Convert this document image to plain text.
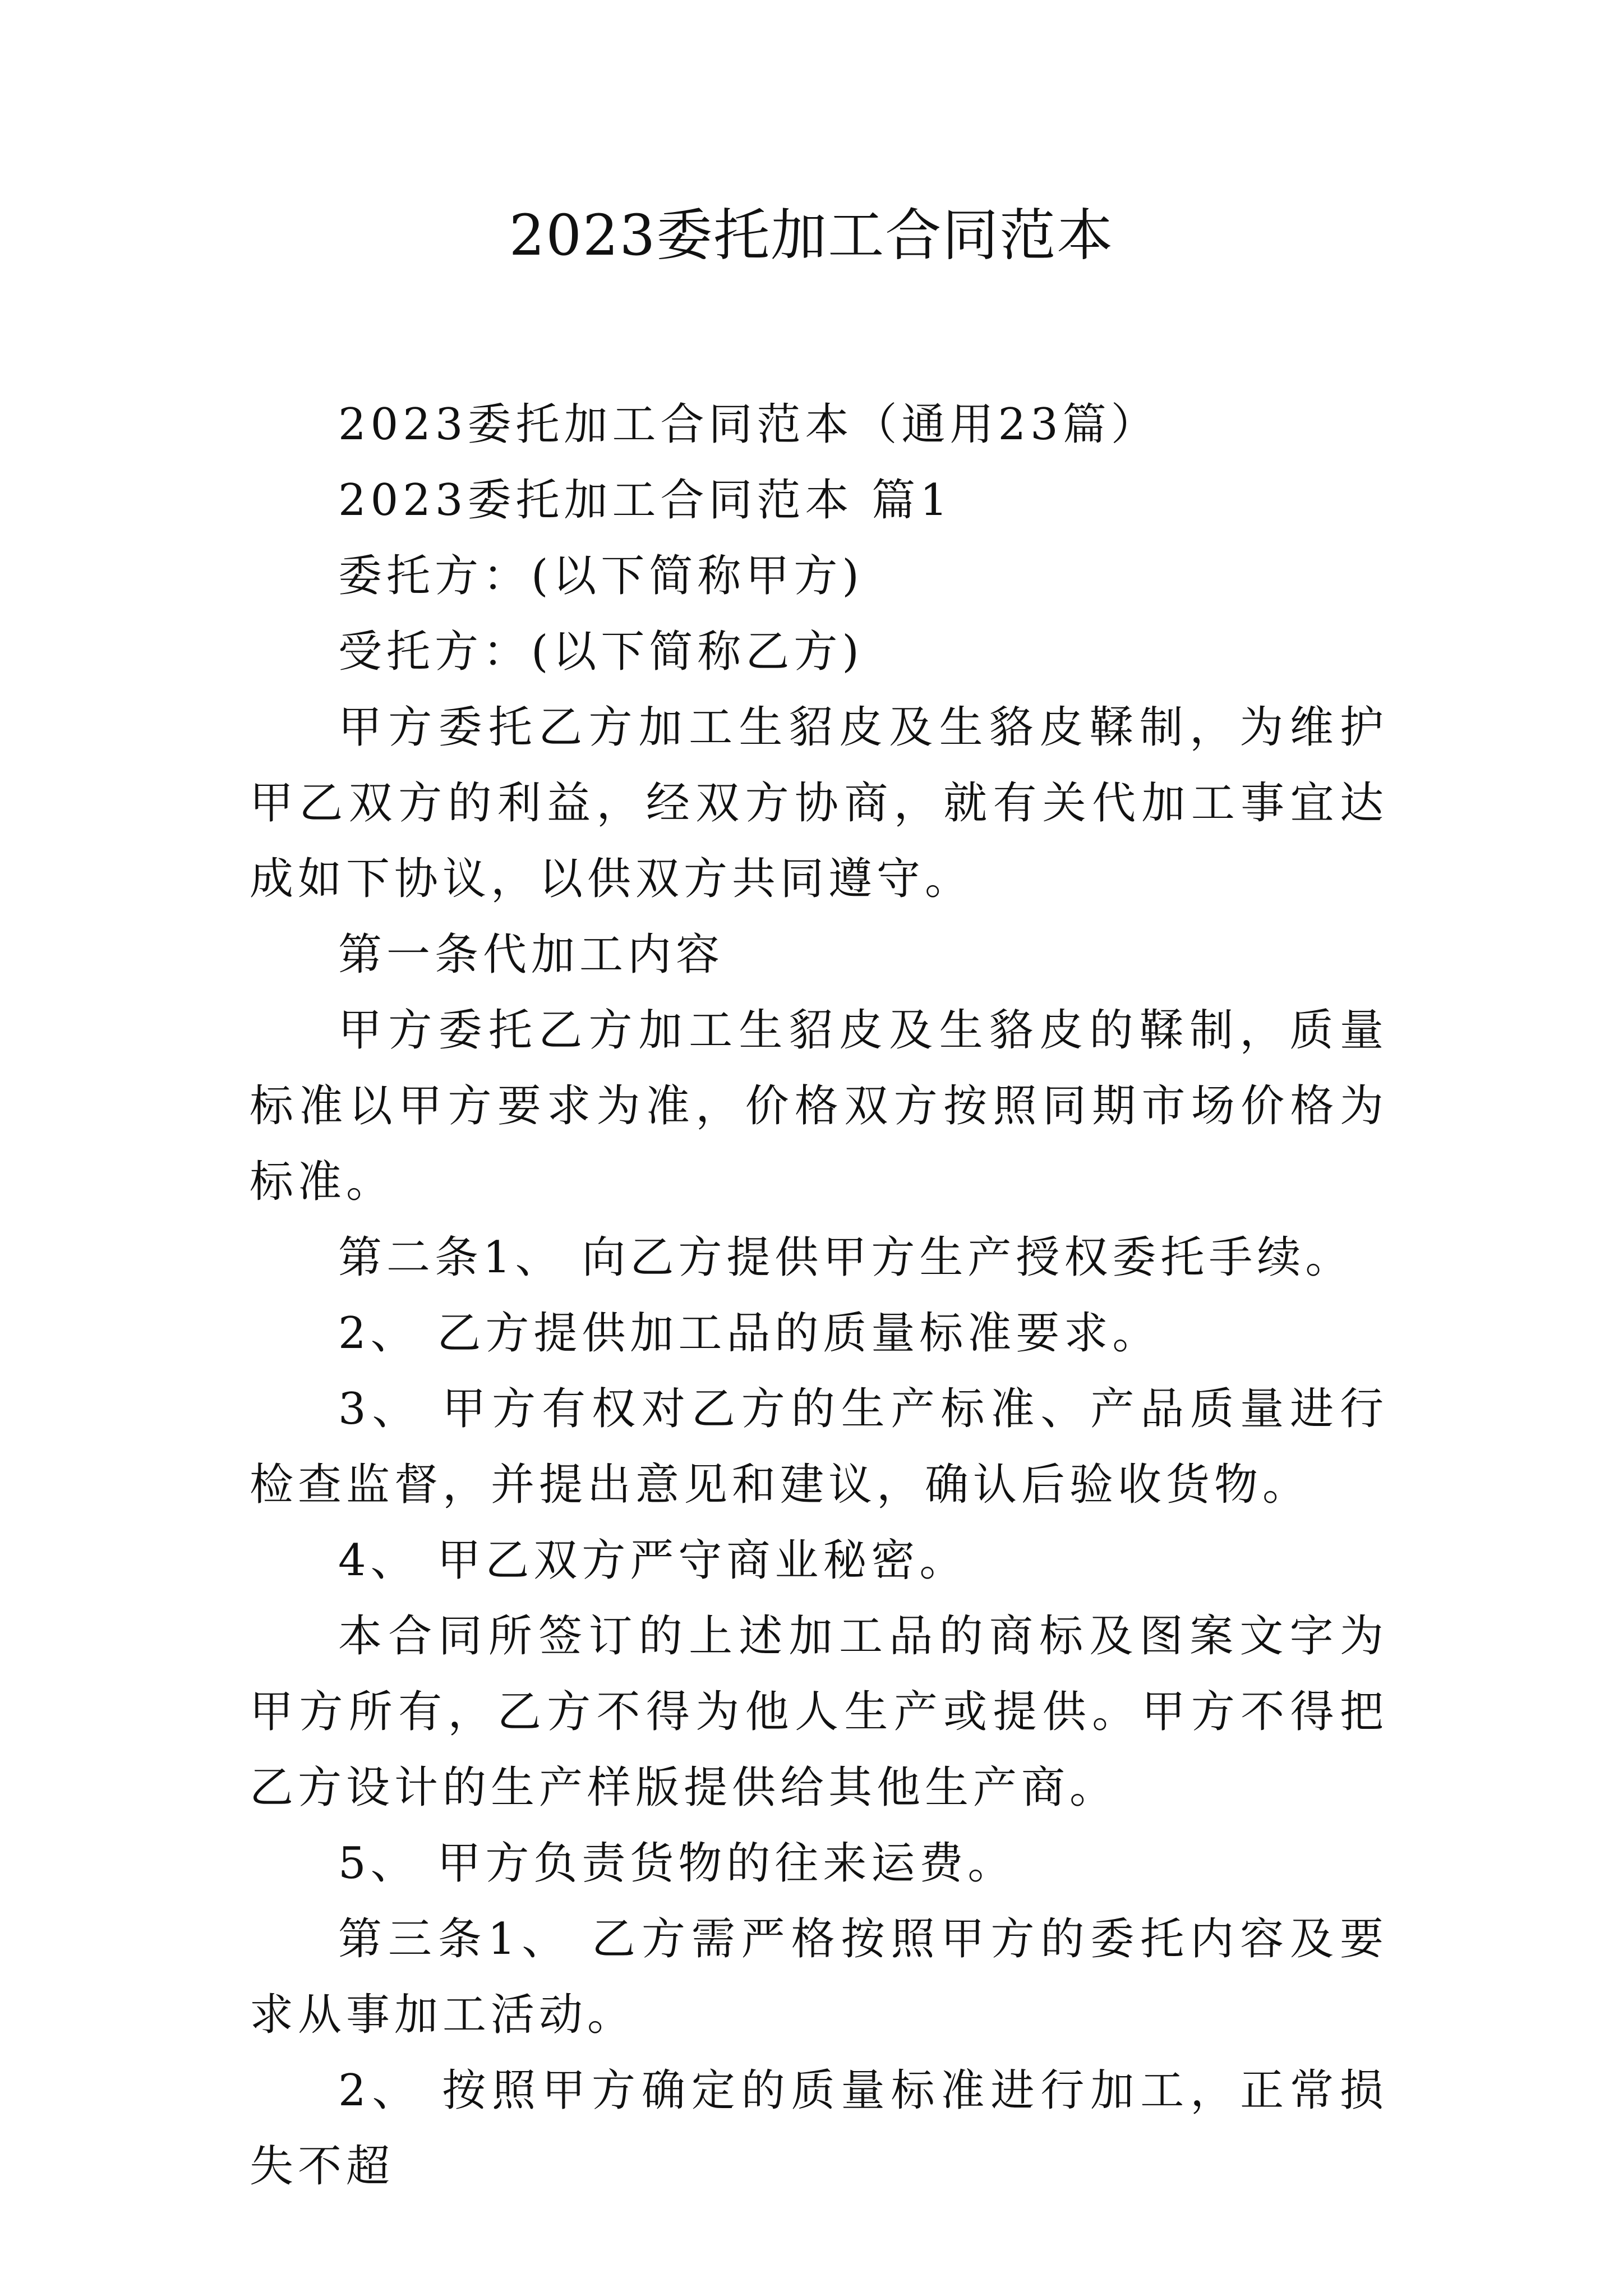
2023委托加工合同范本

2023委托加工合同范本（通用23篇）

2023委托加工合同范本 篇1

委托方：(以下简称甲方)

受托方：(以下简称乙方)

甲方委托乙方加工生貂皮及生貉皮鞣制，为维护甲乙双方的利益，经双方协商，就有关代加工事宜达成如下协议，以供双方共同遵守。

第一条代加工内容

甲方委托乙方加工生貂皮及生貉皮的鞣制，质量标准以甲方要求为准，价格双方按照同期市场价格为标准。

第二条1、 向乙方提供甲方生产授权委托手续。

2、 乙方提供加工品的质量标准要求。

3、 甲方有权对乙方的生产标准、产品质量进行检查监督，并提出意见和建议，确认后验收货物。

4、 甲乙双方严守商业秘密。

本合同所签订的上述加工品的商标及图案文字为甲方所有，乙方不得为他人生产或提供。甲方不得把乙方设计的生产样版提供给其他生产商。

5、 甲方负责货物的往来运费。

第三条1、 乙方需严格按照甲方的委托内容及要求从事加工活动。

2、 按照甲方确定的质量标准进行加工，正常损失不超
